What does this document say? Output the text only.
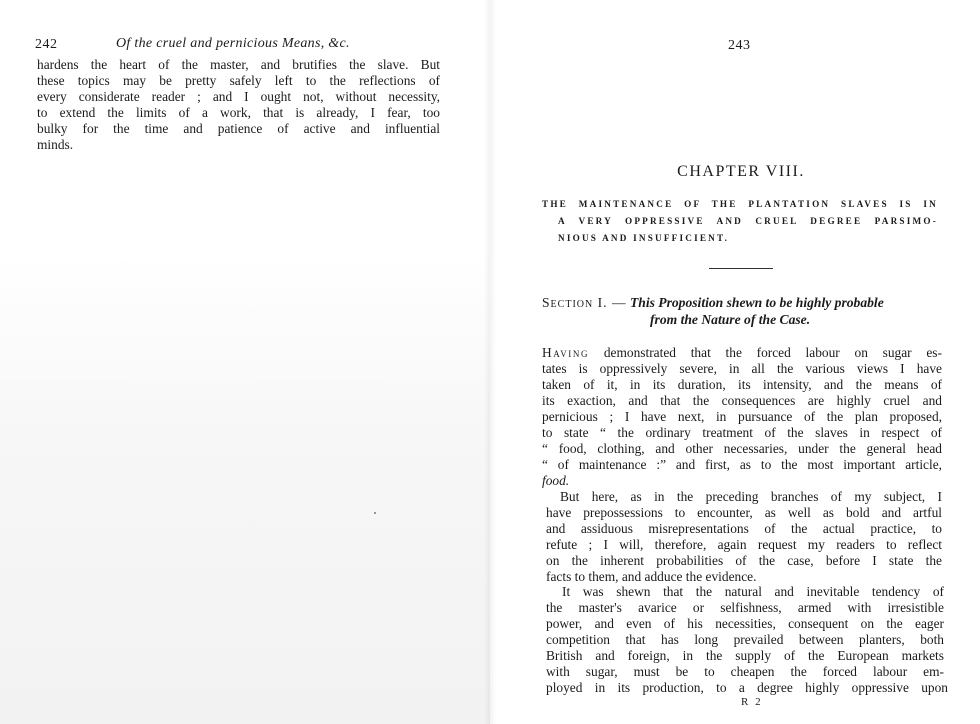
242	Of the cruel and pernicious Means, &c.
hardens the heart of the master, and brutifies the slave. But
these topics may be pretty safely left to the reflections of
every considerate reader ; and I ought not, without necessity,
to extend the limits of a work, that is already, I fear, too
bulky for the time and patience of active and influential
minds.
243
CHAPTER VIII.
THE MAINTENANCE OF THE PLANTATION SLAVES IS IN
A VERY OPPRESSIVE AND CRUEL DEGREE PARSIMO-
NIOUS AND INSUFFICIENT.
Section I. — This Proposition shewn to be highly probable
from the Nature of the Case.
Having demonstrated that the forced labour on sugar es-
tates is oppressively severe, in all the various views I have
taken of it, in its duration, its intensity, and the means of
its exaction, and that the consequences are highly cruel and
pernicious ; I have next, in pursuance of the plan proposed,
to state “ the ordinary treatment of the slaves in respect of
“ food, clothing, and other necessaries, under the general head
“ of maintenance :” and first, as to the most important article,
food.
But here, as in the preceding branches of my subject, I
have prepossessions to encounter, as well as bold and artful
and assiduous misrepresentations of the actual practice, to
refute ; I will, therefore, again request my readers to reflect
on the inherent probabilities of the case, before I state the
facts to them, and adduce the evidence.
It was shewn that the natural and inevitable tendency of
the master's avarice or selfishness, armed with irresistible
power, and even of his necessities, consequent on the eager
competition that has long prevailed between planters, both
British and foreign, in the supply of the European markets
with sugar, must be to cheapen the forced labour em-
ployed in its production, to a degree highly oppressive upon
R 2
